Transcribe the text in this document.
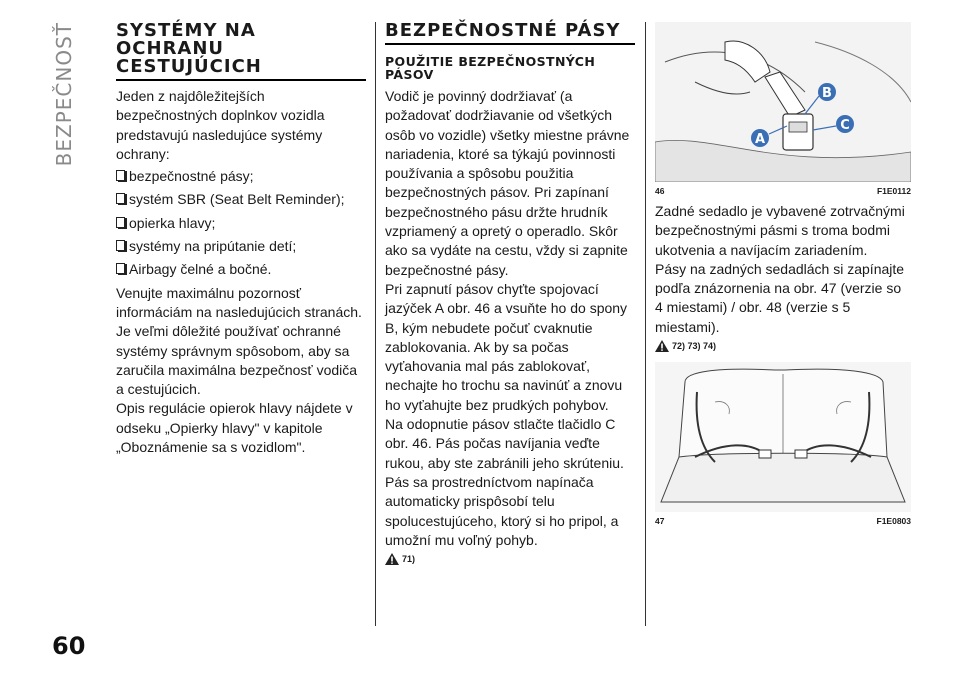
BEZPEČNOSŤ
60
SYSTÉMY NA OCHRANU CESTUJÚCICH

Jeden z najdôležitejších bezpečnostných doplnkov vozidla predstavujú nasledujúce systémy ochrany:

bezpečnostné pásy;
systém SBR (Seat Belt Reminder);
opierka hlavy;
systémy na pripútanie detí;
Airbagy čelné a bočné.

Venujte maximálnu pozornosť informáciám na nasledujúcich stranách. Je veľmi dôležité používať ochranné systémy správnym spôsobom, aby sa zaručila maximálna bezpečnosť vodiča a cestujúcich.

Opis regulácie opierok hlavy nájdete v odseku „Opierky hlavy" v kapitole „Oboznámenie sa s vozidlom".

BEZPEČNOSTNÉ PÁSY
POUŽITIE BEZPEČNOSTNÝCH PÁSOV

Vodič je povinný dodržiavať (a požadovať dodržiavanie od všetkých osôb vo vozidle) všetky miestne právne nariadenia, ktoré sa týkajú povinnosti používania a spôsobu použitia bezpečnostných pásov. Pri zapínaní bezpečnostného pásu držte hrudník vzpriamený a opretý o operadlo. Skôr ako sa vydáte na cestu, vždy si zapnite bezpečnostné pásy.

Pri zapnutí pásov chyťte spojovací jazýček A obr. 46 a vsuňte ho do spony B, kým nebudete počuť cvaknutie zablokovania. Ak by sa počas vyťahovania mal pás zablokovať, nechajte ho trochu sa navinúť a znovu ho vyťahujte bez prudkých pohybov.

Na odopnutie pásov stlačte tlačidlo C obr. 46. Pás počas navíjania veďte rukou, aby ste zabránili jeho skrúteniu.

Pás sa prostredníctvom napínača automaticky prispôsobí telu spolucestujúceho, ktorý si ho pripol, a umožní mu voľný pohyb.

71)
A
B
C
46	F1E0112

Zadné sedadlo je vybavené zotrvačnými bezpečnostnými pásmi s troma bodmi ukotvenia a navíjacím zariadením.

Pásy na zadných sedadlách si zapínajte podľa znázornenia na obr. 47 (verzie so 4 miestami) / obr. 48 (verzie s 5 miestami).

72) 73) 74)
47	F1E0803
